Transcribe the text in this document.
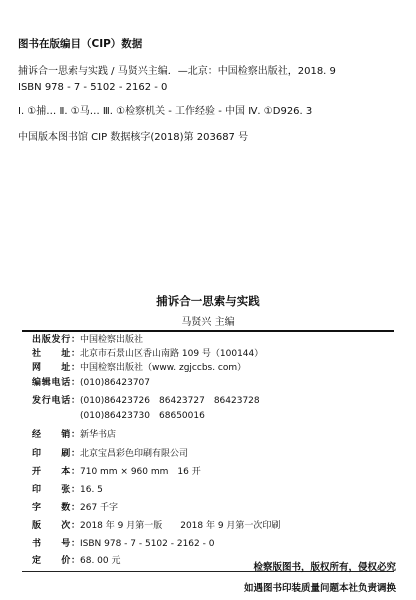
图书在版编目（CIP）数据
捕诉合一思索与实践 / 马贤兴主编．—北京：中国检察出版社，2018. 9
ISBN 978 - 7 - 5102 - 2162 - 0
Ⅰ. ①捕… Ⅱ. ①马… Ⅲ. ①检察机关 - 工作经验 - 中国 Ⅳ. ①D926. 3
中国版本图书馆 CIP 数据核字(2018)第 203687 号
捕诉合一思索与实践
马贤兴 主编
出版发行：中国检察出版社
社　　址：北京市石景山区香山南路 109 号（100144）
网　　址：中国检察出版社（www. zgjccbs. com）
编辑电话：(010)86423707
发行电话：(010)86423726　86423727　86423728
(010)86423730　68650016
经　　销：新华书店
印　　刷：北京宝昌彩色印刷有限公司
开　　本：710 mm × 960 mm　16 开
印　　张：16. 5
字　　数：267 千字
版　　次：2018 年 9 月第一版　　2018 年 9 月第一次印刷
书　　号：ISBN 978 - 7 - 5102 - 2162 - 0
定　　价：68. 00 元
检察版图书，版权所有，侵权必究
如遇图书印装质量问题本社负责调换
